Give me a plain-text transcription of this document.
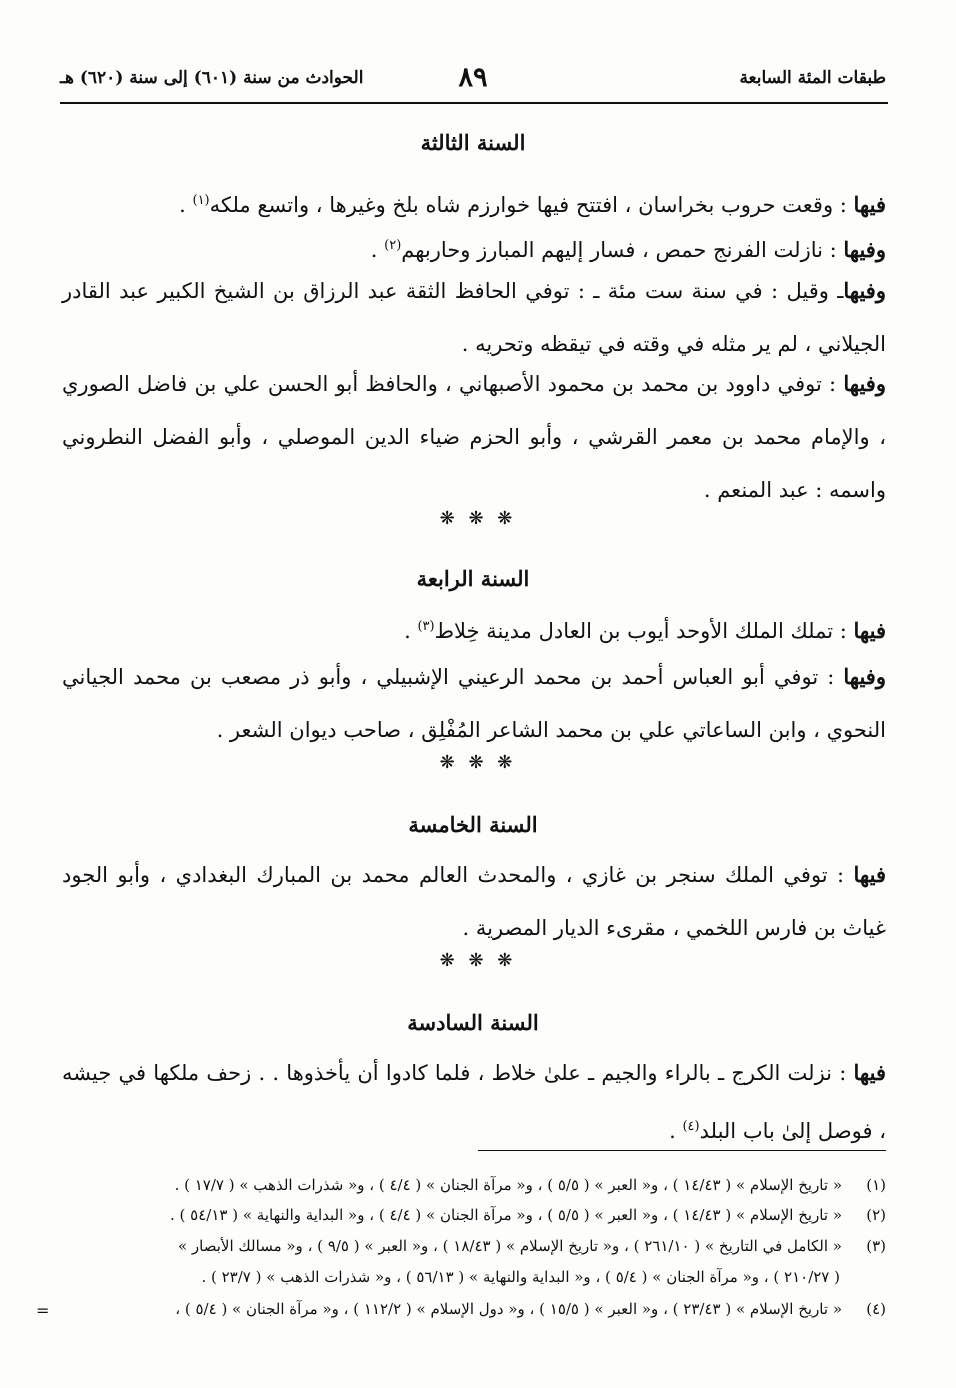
طبقات المئة السابعة
٨٩
الحوادث من سنة (٦٠١) إلى سنة (٦٢٠) هـ
السنة الثالثة
فيها : وقعت حروب بخراسان ، افتتح فيها خوارزم شاه بلخ وغيرها ، واتسع ملكه$^{(١)}$ .
وفيها : نازلت الفرنج حمص ، فسار إليهم المبارز وحاربهم$^{(٢)}$ .
وفيهاـ وقيل : في سنة ست مئة ـ : توفي الحافظ الثقة عبد الرزاق بن الشيخ الكبير عبد القادر الجيلاني ، لم ير مثله في وقته في تيقظه وتحريه .
وفيها : توفي داوود بن محمد بن محمود الأصبهاني ، والحافظ أبو الحسن علي بن فاضل الصوري ، والإمام محمد بن معمر القرشي ، وأبو الحزم ضياء الدين الموصلي ، وأبو الفضل النطروني واسمه : عبد المنعم .
❋ ❋ ❋
السنة الرابعة
فيها : تملك الملك الأوحد أيوب بن العادل مدينة خِلاط$^{(٣)}$ .
وفيها : توفي أبو العباس أحمد بن محمد الرعيني الإشبيلي ، وأبو ذر مصعب بن محمد الجياني النحوي ، وابن الساعاتي علي بن محمد الشاعر المُفْلِق ، صاحب ديوان الشعر .
❋ ❋ ❋
السنة الخامسة
فيها : توفي الملك سنجر بن غازي ، والمحدث العالم محمد بن المبارك البغدادي ، وأبو الجود غياث بن فارس اللخمي ، مقرىء الديار المصرية .
❋ ❋ ❋
السنة السادسة
فيها : نزلت الكرج ـ بالراء والجيم ـ علىٰ خلاط ، فلما كادوا أن يأخذوها . . زحف ملكها في جيشه ، فوصل إلىٰ باب البلد$^{(٤)}$ .
(١)« تاريخ الإسلام » ( ١٤/٤٣ ) ، و« العبر » ( ٥/٥ ) ، و« مرآة الجنان » ( ٤/٤ ) ، و« شذرات الذهب » ( ١٧/٧ ) .
(٢)« تاريخ الإسلام » ( ١٤/٤٣ ) ، و« العبر » ( ٥/٥ ) ، و« مرآة الجنان » ( ٤/٤ ) ، و« البداية والنهاية » ( ٥٤/١٣ ) .
(٣)« الكامل في التاريخ » ( ٢٦١/١٠ ) ، و« تاريخ الإسلام » ( ١٨/٤٣ ) ، و« العبر » ( ٩/٥ ) ، و« مسالك الأبصار »
( ٢١٠/٢٧ ) ، و« مرآة الجنان » ( ٥/٤ ) ، و« البداية والنهاية » ( ٥٦/١٣ ) ، و« شذرات الذهب » ( ٢٣/٧ ) .
(٤)« تاريخ الإسلام » ( ٢٣/٤٣ ) ، و« العبر » ( ١٥/٥ ) ، و« دول الإسلام » ( ١١٢/٢ ) ، و« مرآة الجنان » ( ٥/٤ ) ،
=
